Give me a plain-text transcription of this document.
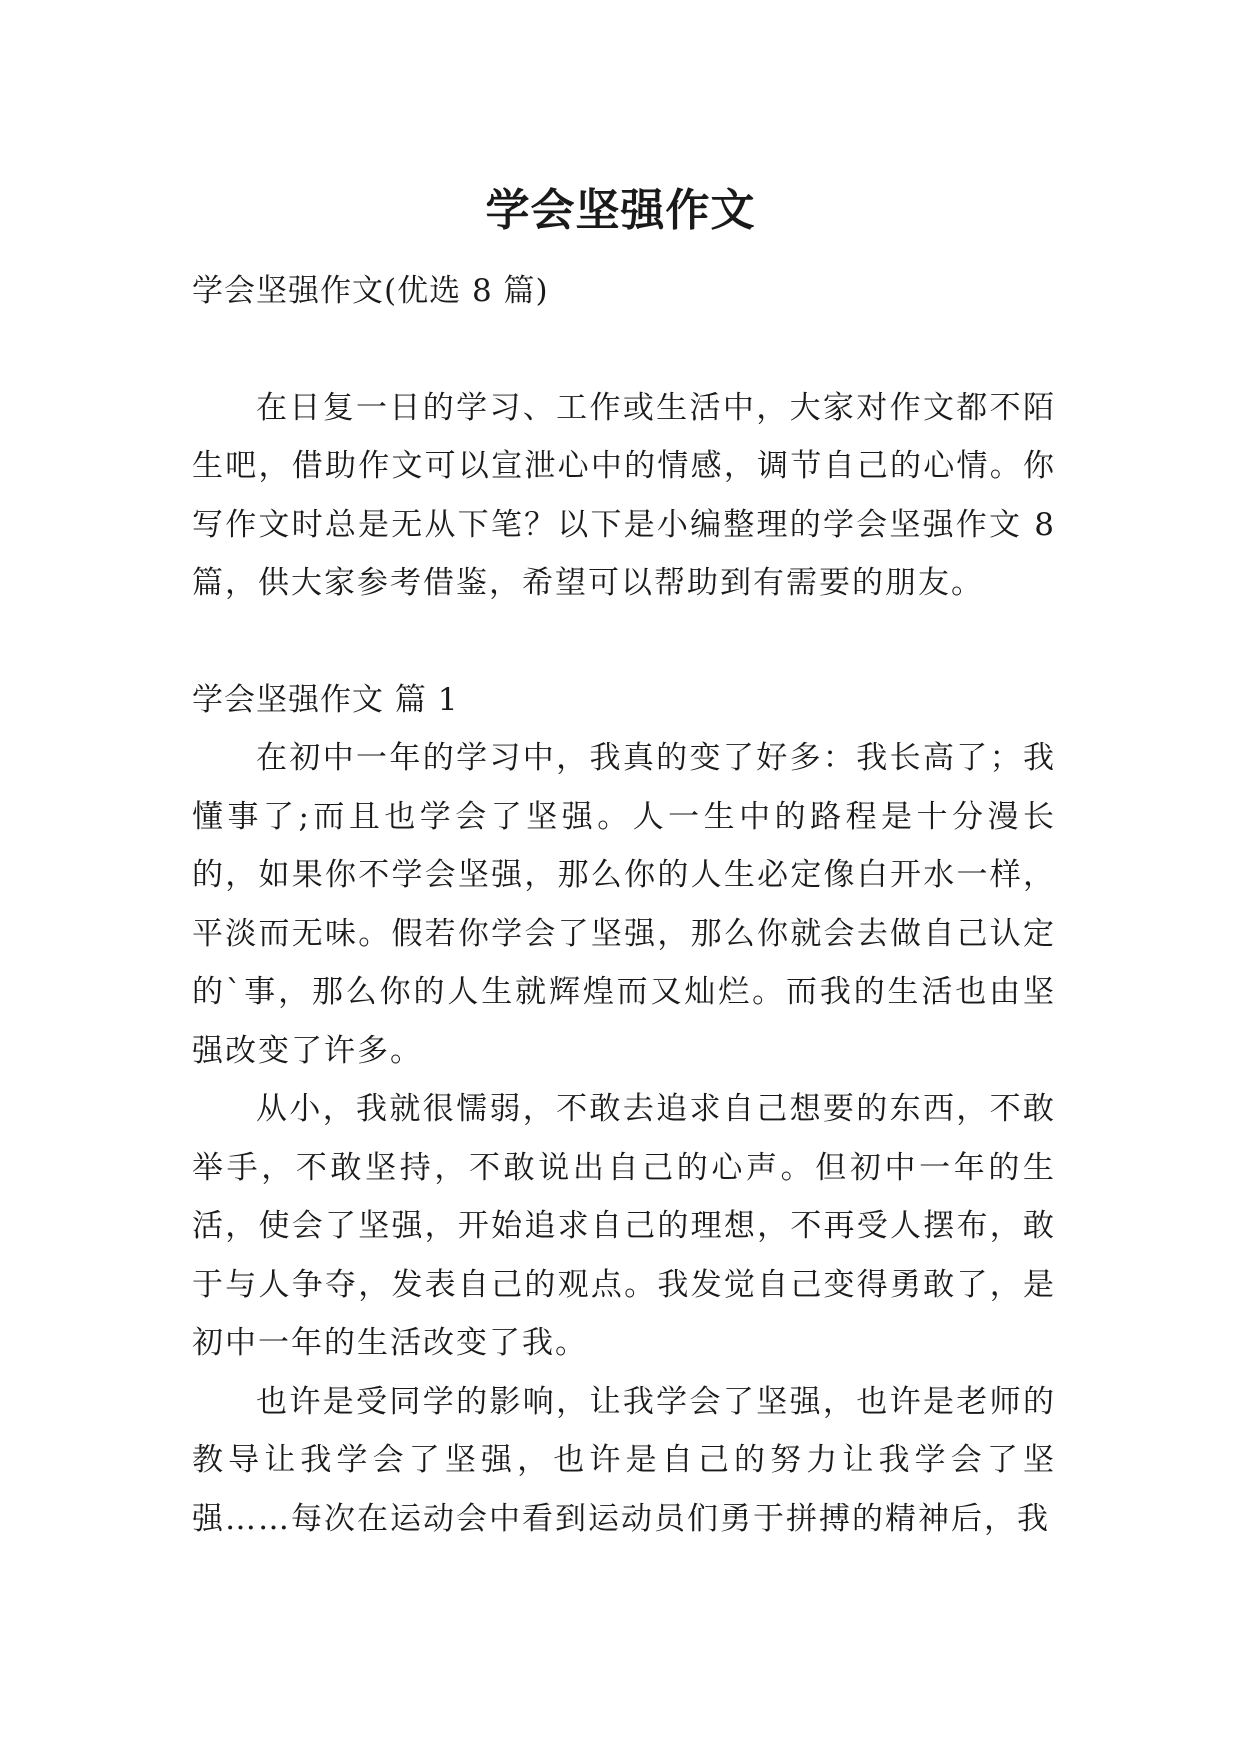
学会坚强作文

学会坚强作文(优选 8 篇)

在日复一日的学习、工作或生活中，大家对作文都不陌生吧，借助作文可以宣泄心中的情感，调节自己的心情。你写作文时总是无从下笔？以下是小编整理的学会坚强作文 8 篇，供大家参考借鉴，希望可以帮助到有需要的朋友。

学会坚强作文 篇 1

在初中一年的学习中，我真的变了好多：我长高了；我懂事了;而且也学会了坚强。人一生中的路程是十分漫长的，如果你不学会坚强，那么你的人生必定像白开水一样，平淡而无味。假若你学会了坚强，那么你就会去做自己认定的`事，那么你的人生就辉煌而又灿烂。而我的生活也由坚强改变了许多。

从小，我就很懦弱，不敢去追求自己想要的东西，不敢举手，不敢坚持，不敢说出自己的心声。但初中一年的生活，使会了坚强，开始追求自己的理想，不再受人摆布，敢于与人争夺，发表自己的观点。我发觉自己变得勇敢了，是初中一年的生活改变了我。

也许是受同学的影响，让我学会了坚强，也许是老师的教导让我学会了坚强，也许是自己的努力让我学会了坚强……每次在运动会中看到运动员们勇于拼搏的精神后，我
